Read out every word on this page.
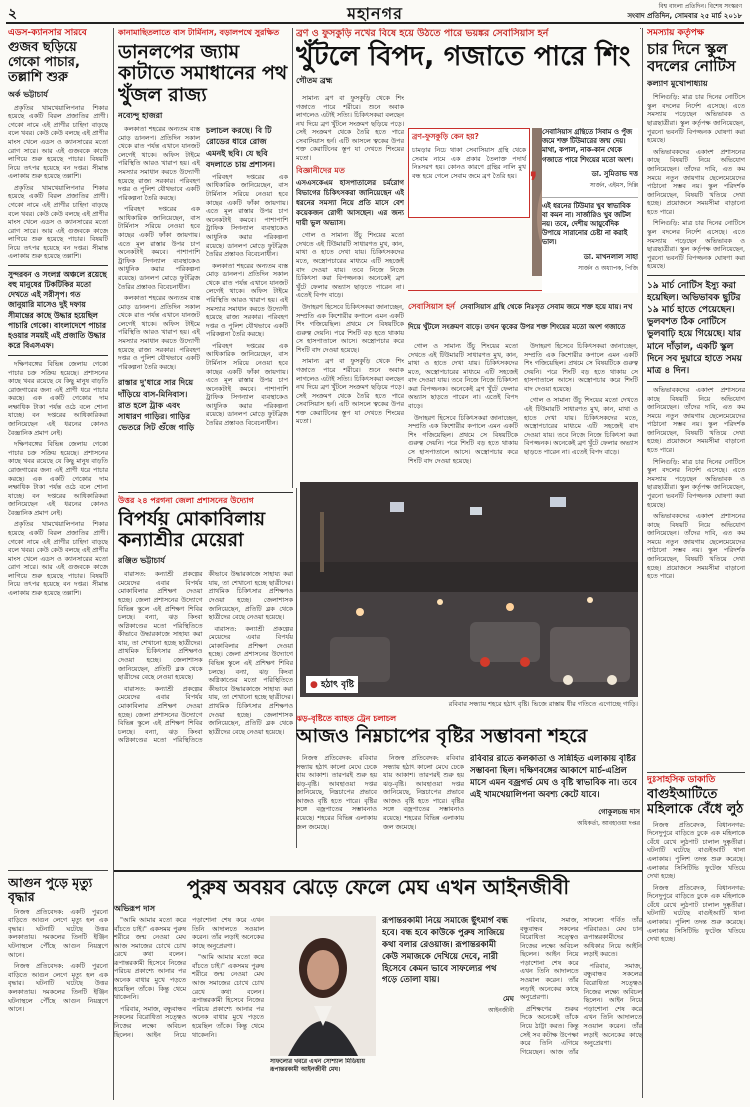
২	মহানগর	বিশ্ব বাংলা প্রতিদিন। বিশেষ সংস্করণ
সংবাদ প্রতিদিন, সোমবার ২৫ মার্চ ২০১৮
এডস-ক্যানসার সারবে
গুজব ছড়িয়ে গেকো পাচার, তল্লাশি শুরু
অর্ক ভট্টাচার্য

প্রকৃতির খামখেয়ালিপনার শিকার হয়েছে একটি বিরল প্রজাতির প্রাণী। গেকো নামে এই প্রাণীর চাহিদা বাড়ছে বলে খবর। কেউ কেউ বলছে এই প্রাণীর মাংস খেলে এডস ও ক্যানসারের মতো রোগ সারে। আর এই গুজবকে কাজে লাগিয়ে শুরু হয়েছে পাচার। বিষয়টি নিয়ে তৎপর হয়েছে বন দপ্তর। সীমান্ত এলাকায় শুরু হয়েছে তল্লাশি।

প্রকৃতির খামখেয়ালিপনার শিকার হয়েছে একটি বিরল প্রজাতির প্রাণী। গেকো নামে এই প্রাণীর চাহিদা বাড়ছে বলে খবর। কেউ কেউ বলছে এই প্রাণীর মাংস খেলে এডস ও ক্যানসারের মতো রোগ সারে। আর এই গুজবকে কাজে লাগিয়ে শুরু হয়েছে পাচার। বিষয়টি নিয়ে তৎপর হয়েছে বন দপ্তর। সীমান্ত এলাকায় শুরু হয়েছে তল্লাশি।

সুন্দরবন ও সংলগ্ন অঞ্চলে রয়েছে বহু মানুষের টিকটিকির মতো দেখতে এই সরীসৃপ। গত জানুয়ারি মাসেও দুই দফায় সীমান্তের কাছে উদ্ধার হয়েছিল পাচারি গেকো। বাংলাদেশে পাচার হওয়ার সময়ই এই প্রজাতি উদ্ধার করে বিএসএফ।

দক্ষিণবঙ্গের বিভিন্ন জেলায় গেকো পাচার চক্র সক্রিয় হয়েছে। প্রশাসনের কাছে খবর রয়েছে যে কিছু মানুষ বাড়তি রোজগারের জন্য এই প্রাণী ধরে পাচার করছে। এক একটি গেকোর দাম লক্ষাধিক টাকা পর্যন্ত ওঠে বলে শোনা যাচ্ছে। বন দপ্তরের আধিকারিকরা জানিয়েছেন এই ধরনের কোনও বৈজ্ঞানিক প্রমাণ নেই।

দক্ষিণবঙ্গের বিভিন্ন জেলায় গেকো পাচার চক্র সক্রিয় হয়েছে। প্রশাসনের কাছে খবর রয়েছে যে কিছু মানুষ বাড়তি রোজগারের জন্য এই প্রাণী ধরে পাচার করছে। এক একটি গেকোর দাম লক্ষাধিক টাকা পর্যন্ত ওঠে বলে শোনা যাচ্ছে। বন দপ্তরের আধিকারিকরা জানিয়েছেন এই ধরনের কোনও বৈজ্ঞানিক প্রমাণ নেই।

প্রকৃতির খামখেয়ালিপনার শিকার হয়েছে একটি বিরল প্রজাতির প্রাণী। গেকো নামে এই প্রাণীর চাহিদা বাড়ছে বলে খবর। কেউ কেউ বলছে এই প্রাণীর মাংস খেলে এডস ও ক্যানসারের মতো রোগ সারে। আর এই গুজবকে কাজে লাগিয়ে শুরু হয়েছে পাচার। বিষয়টি নিয়ে তৎপর হয়েছে বন দপ্তর। সীমান্ত এলাকায় শুরু হয়েছে তল্লাশি।

আগুন পুড়ে মৃত্যু বৃদ্ধার

নিজস্ব প্রতিবেদক: একটি পুরনো বাড়িতে আগুন লেগে মৃত্যু হল এক বৃদ্ধার। ঘটনাটি ঘটেছে উত্তর কলকাতায়। দমকলের তিনটি ইঞ্জিন ঘটনাস্থলে পৌঁছে আগুন নিয়ন্ত্রণে আনে।

নিজস্ব প্রতিবেদক: একটি পুরনো বাড়িতে আগুন লেগে মৃত্যু হল এক বৃদ্ধার। ঘটনাটি ঘটেছে উত্তর কলকাতায়। দমকলের তিনটি ইঞ্জিন ঘটনাস্থলে পৌঁছে আগুন নিয়ন্ত্রণে আনে।

কানামাছিতলাতে বাস টার্মিনাস, বড়ালপথে সুরক্ষিত
ডানলপের জ্যাম কাটাতে সমাধানের পথ খুঁজল রাজ্য
নব্যেন্দু হাজরা

কলকাতা শহরের অন্যতম ব্যস্ত মোড় ডানলপ। প্রতিদিন সকাল থেকে রাত পর্যন্ত এখানে যানজট লেগেই থাকে। অফিস টাইমে পরিস্থিতি আরও খারাপ হয়। এই সমস্যার সমাধান করতে উদ্যোগী হয়েছে রাজ্য সরকার। পরিবহণ দপ্তর ও পুলিশ যৌথভাবে একটি পরিকল্পনা তৈরি করছে।

পরিবহণ দপ্তরের এক আধিকারিক জানিয়েছেন, বাস টার্মিনাস সরিয়ে নেওয়া হবে কাছের একটি ফাঁকা জায়গায়। এতে মূল রাস্তার উপর চাপ অনেকটাই কমবে। পাশাপাশি ট্রাফিক সিগন্যাল ব্যবস্থাকেও আধুনিক করার পরিকল্পনা রয়েছে। ডানলপ মোড়ে ফুটব্রিজ তৈরির প্রস্তাবও বিবেচনাধীন।

কলকাতা শহরের অন্যতম ব্যস্ত মোড় ডানলপ। প্রতিদিন সকাল থেকে রাত পর্যন্ত এখানে যানজট লেগেই থাকে। অফিস টাইমে পরিস্থিতি আরও খারাপ হয়। এই সমস্যার সমাধান করতে উদ্যোগী হয়েছে রাজ্য সরকার। পরিবহণ দপ্তর ও পুলিশ যৌথভাবে একটি পরিকল্পনা তৈরি করছে।

রাস্তার দু'ধারে সার দিয়ে দাঁড়িয়ে বাস-মিনিবাস। রাত হলে ট্রাক এবং সাধারণ গাড়ির। গাড়ির ভেতরে সিট গুঁজে গাড়ি চলাচল করছে। বি টি রোডের ধারে রোজ এমনই ছবি। যে ছবি বদলাতে চায় প্রশাসন।

পরিবহণ দপ্তরের এক আধিকারিক জানিয়েছেন, বাস টার্মিনাস সরিয়ে নেওয়া হবে কাছের একটি ফাঁকা জায়গায়। এতে মূল রাস্তার উপর চাপ অনেকটাই কমবে। পাশাপাশি ট্রাফিক সিগন্যাল ব্যবস্থাকেও আধুনিক করার পরিকল্পনা রয়েছে। ডানলপ মোড়ে ফুটব্রিজ তৈরির প্রস্তাবও বিবেচনাধীন।

কলকাতা শহরের অন্যতম ব্যস্ত মোড় ডানলপ। প্রতিদিন সকাল থেকে রাত পর্যন্ত এখানে যানজট লেগেই থাকে। অফিস টাইমে পরিস্থিতি আরও খারাপ হয়। এই সমস্যার সমাধান করতে উদ্যোগী হয়েছে রাজ্য সরকার। পরিবহণ দপ্তর ও পুলিশ যৌথভাবে একটি পরিকল্পনা তৈরি করছে।

পরিবহণ দপ্তরের এক আধিকারিক জানিয়েছেন, বাস টার্মিনাস সরিয়ে নেওয়া হবে কাছের একটি ফাঁকা জায়গায়। এতে মূল রাস্তার উপর চাপ অনেকটাই কমবে। পাশাপাশি ট্রাফিক সিগন্যাল ব্যবস্থাকেও আধুনিক করার পরিকল্পনা রয়েছে। ডানলপ মোড়ে ফুটব্রিজ তৈরির প্রস্তাবও বিবেচনাধীন।

ব্রণ ও ফুসকুড়ি নখের বিষে হয়ে উঠতে পারে ভয়ঙ্কর সেবাসিয়াস হর্ন
খুঁটলে বিপদ, গজাতে পারে শিং
গৌতম ব্রহ্ম

সামান্য ব্রণ বা ফুসকুড়ি থেকে শিং গজাতে পারে শরীরে। শুনে অবাক লাগলেও এটাই সত্যি। চিকিৎসকরা বলছেন নখ দিয়ে ব্রণ খুঁটলে সংক্রমণ ছড়িয়ে পড়ে। সেই সংক্রমণ থেকে তৈরি হতে পারে সেবাসিয়াস হর্ন। এটি আসলে ত্বকের উপর শক্ত কেরাটিনের স্তূপ যা দেখতে শিংয়ের মতো।

বিজ্ঞানীদের মত
এসএসকেএম হাসপাতালের চর্মরোগ বিভাগের চিকিৎসকরা জানিয়েছেন এই ধরনের সমস্যা নিয়ে প্রতি মাসে বেশ কয়েকজন রোগী আসছেন। এর জন্য দায়ী ভুল অভ্যাস।

গোল ও সামান্য উঁচু শিংয়ের মতো দেখতে এই টিউমারটি সাধারণত মুখ, কান, মাথা ও হাতে দেখা যায়। চিকিৎসকদের মতে, অস্ত্রোপচারের মাধ্যমে এটি সহজেই বাদ দেওয়া যায়। তবে নিজে নিজে চিকিৎসা করা বিপজ্জনক। অনেকেই ব্রণ খুঁটে ফেলার অভ্যাস ছাড়তে পারেন না। এতেই বিপদ বাড়ে।

উদাহরণ হিসেবে চিকিৎসকরা জানাচ্ছেন, সম্প্রতি এক কিশোরীর কপালে এমন একটি শিং গজিয়েছিল। প্রথমে সে বিষয়টিকে গুরুত্ব দেয়নি। পরে শিংটি বড় হতে থাকায় সে হাসপাতালে আসে। অস্ত্রোপচার করে শিংটি বাদ দেওয়া হয়েছে।

সামান্য ব্রণ বা ফুসকুড়ি থেকে শিং গজাতে পারে শরীরে। শুনে অবাক লাগলেও এটাই সত্যি। চিকিৎসকরা বলছেন নখ দিয়ে ব্রণ খুঁটলে সংক্রমণ ছড়িয়ে পড়ে। সেই সংক্রমণ থেকে তৈরি হতে পারে সেবাসিয়াস হর্ন। এটি আসলে ত্বকের উপর শক্ত কেরাটিনের স্তূপ যা দেখতে শিংয়ের মতো।

ব্রণ-ফুসকুড়ি কেন হয়?
চামড়ার নিচে থাকা সেবাসিয়াস গ্রন্থি থেকে সেবাম নামে এক প্রকার তৈলাক্ত পদার্থ নিঃসরণ হয়। কোনও কারণে গ্রন্থির নালি মুখ বন্ধ হয়ে গেলে সেবাম জমে ব্রণ তৈরি হয়।
সেবাসিয়াস হর্ন সেবাসিয়াস গ্রন্থি থেকে নিঃসৃত সেবাম জমে শক্ত হয়ে যায়। নখ দিয়ে খুঁটলে সংক্রমণ বাড়ে। তখন ত্বকের উপর শক্ত শিংয়ের মতো অংশ গজাতে

গোল ও সামান্য উঁচু শিংয়ের মতো দেখতে এই টিউমারটি সাধারণত মুখ, কান, মাথা ও হাতে দেখা যায়। চিকিৎসকদের মতে, অস্ত্রোপচারের মাধ্যমে এটি সহজেই বাদ দেওয়া যায়। তবে নিজে নিজে চিকিৎসা করা বিপজ্জনক। অনেকেই ব্রণ খুঁটে ফেলার অভ্যাস ছাড়তে পারেন না। এতেই বিপদ বাড়ে।

উদাহরণ হিসেবে চিকিৎসকরা জানাচ্ছেন, সম্প্রতি এক কিশোরীর কপালে এমন একটি শিং গজিয়েছিল। প্রথমে সে বিষয়টিকে গুরুত্ব দেয়নি। পরে শিংটি বড় হতে থাকায় সে হাসপাতালে আসে। অস্ত্রোপচার করে শিংটি বাদ দেওয়া হয়েছে।

উদাহরণ হিসেবে চিকিৎসকরা জানাচ্ছেন, সম্প্রতি এক কিশোরীর কপালে এমন একটি শিং গজিয়েছিল। প্রথমে সে বিষয়টিকে গুরুত্ব দেয়নি। পরে শিংটি বড় হতে থাকায় সে হাসপাতালে আসে। অস্ত্রোপচার করে শিংটি বাদ দেওয়া হয়েছে।

গোল ও সামান্য উঁচু শিংয়ের মতো দেখতে এই টিউমারটি সাধারণত মুখ, কান, মাথা ও হাতে দেখা যায়। চিকিৎসকদের মতে, অস্ত্রোপচারের মাধ্যমে এটি সহজেই বাদ দেওয়া যায়। তবে নিজে নিজে চিকিৎসা করা বিপজ্জনক। অনেকেই ব্রণ খুঁটে ফেলার অভ্যাস ছাড়তে পারেন না। এতেই বিপদ বাড়ে।

সেবাসিয়াস গ্রন্থিতে সিবাম ও পুঁজ জমে শক্ত টিউমারের জন্ম দেয়। মাথা, কপাল, নাক-কান থেকে গজাতে পারে শিংয়ের মতো অংশ।
ডা. সুমিতাভ দত্ত
সার্জন, এইমস, দিল্লি
এই ধরনের টিউমার খুব স্বাভাবিক বা কমন না। সার্জারিও খুব জটিল নয়। তবে, দেশীয় আয়ুর্বেদিক উপায়ে সারানোর চেষ্টা না করাই ভাল।
ডা. মাখনলাল সাহা
সার্জন ও অধ্যাপক, পিজি
❜
সমস্যায় কর্তৃপক্ষ
চার দিনে স্কুল বদলের নোটিস
কল্যাণ মুখোপাধ্যায়

শিলিগুড়ি: মাত্র চার দিনের নোটিসে স্কুল বদলের নির্দেশ এসেছে। এতে সমস্যায় পড়েছেন অভিভাবক ও ছাত্রছাত্রীরা। স্কুল কর্তৃপক্ষ জানিয়েছেন, পুরনো ভবনটি বিপজ্জনক ঘোষণা করা হয়েছে।

অভিভাবকদের একাংশ প্রশাসনের কাছে বিষয়টি নিয়ে অভিযোগ জানিয়েছেন। তাঁদের দাবি, এত কম সময়ে নতুন জায়গায় ছেলেমেয়েদের পাঠানো সম্ভব নয়। স্কুল পরিদর্শক জানিয়েছেন, বিষয়টি খতিয়ে দেখা হচ্ছে। প্রয়োজনে সময়সীমা বাড়ানো হতে পারে।

শিলিগুড়ি: মাত্র চার দিনের নোটিসে স্কুল বদলের নির্দেশ এসেছে। এতে সমস্যায় পড়েছেন অভিভাবক ও ছাত্রছাত্রীরা। স্কুল কর্তৃপক্ষ জানিয়েছেন, পুরনো ভবনটি বিপজ্জনক ঘোষণা করা হয়েছে।

১৯ মার্চ নোটিস ইস্যু করা হয়েছিল। অভিভাবক ছুটির ১৯ মার্চ হাতে পেয়েছেন। ভুলবশত ঠিক নোটিসে ভুলবাঢ়ি হয়ে গিয়েছে। যার মানে দাঁড়াল, একটি স্কুল দিনে সব দুয়ারে হাতে সময় মাত্র ৪ দিন।

অভিভাবকদের একাংশ প্রশাসনের কাছে বিষয়টি নিয়ে অভিযোগ জানিয়েছেন। তাঁদের দাবি, এত কম সময়ে নতুন জায়গায় ছেলেমেয়েদের পাঠানো সম্ভব নয়। স্কুল পরিদর্শক জানিয়েছেন, বিষয়টি খতিয়ে দেখা হচ্ছে। প্রয়োজনে সময়সীমা বাড়ানো হতে পারে।

শিলিগুড়ি: মাত্র চার দিনের নোটিসে স্কুল বদলের নির্দেশ এসেছে। এতে সমস্যায় পড়েছেন অভিভাবক ও ছাত্রছাত্রীরা। স্কুল কর্তৃপক্ষ জানিয়েছেন, পুরনো ভবনটি বিপজ্জনক ঘোষণা করা হয়েছে।

অভিভাবকদের একাংশ প্রশাসনের কাছে বিষয়টি নিয়ে অভিযোগ জানিয়েছেন। তাঁদের দাবি, এত কম সময়ে নতুন জায়গায় ছেলেমেয়েদের পাঠানো সম্ভব নয়। স্কুল পরিদর্শক জানিয়েছেন, বিষয়টি খতিয়ে দেখা হচ্ছে। প্রয়োজনে সময়সীমা বাড়ানো হতে পারে।

দুঃসাহসিক ডাকাতি
বাগুইআটিতে মহিলাকে বেঁধে লুঠ

নিজস্ব প্রতিবেদক, বিধাননগর: দিনেদুপুরে বাড়িতে ঢুকে এক মহিলাকে বেঁধে রেখে লুঠপাট চালাল দুষ্কৃতীরা। ঘটনাটি ঘটেছে বাগুইআটি থানা এলাকায়। পুলিশ তদন্ত শুরু করেছে। এলাকার সিসিটিভি ফুটেজ খতিয়ে দেখা হচ্ছে।

নিজস্ব প্রতিবেদক, বিধাননগর: দিনেদুপুরে বাড়িতে ঢুকে এক মহিলাকে বেঁধে রেখে লুঠপাট চালাল দুষ্কৃতীরা। ঘটনাটি ঘটেছে বাগুইআটি থানা এলাকায়। পুলিশ তদন্ত শুরু করেছে। এলাকার সিসিটিভি ফুটেজ খতিয়ে দেখা হচ্ছে।

উত্তর ২৪ পরগনা জেলা প্রশাসনের উদ্যোগ
বিপর্যয় মোকাবিলায় কন্যাশ্রীর মেয়েরা
রঞ্জিত ভট্টাচার্য

বারাসত: কন্যাশ্রী প্রকল্পের মেয়েদের এবার বিপর্যয় মোকাবিলার প্রশিক্ষণ দেওয়া হচ্ছে। জেলা প্রশাসনের উদ্যোগে বিভিন্ন স্কুলে এই প্রশিক্ষণ শিবির চলছে। বন্যা, ঝড় কিংবা অগ্নিকাণ্ডের মতো পরিস্থিতিতে কীভাবে উদ্ধারকাজে সাহায্য করা যায়, তা শেখানো হচ্ছে ছাত্রীদের। প্রাথমিক চিকিৎসার প্রশিক্ষণও দেওয়া হচ্ছে। জেলাশাসক জানিয়েছেন, প্রতিটি ব্লক থেকে ছাত্রীদের বেছে নেওয়া হয়েছে।

বারাসত: কন্যাশ্রী প্রকল্পের মেয়েদের এবার বিপর্যয় মোকাবিলার প্রশিক্ষণ দেওয়া হচ্ছে। জেলা প্রশাসনের উদ্যোগে বিভিন্ন স্কুলে এই প্রশিক্ষণ শিবির চলছে। বন্যা, ঝড় কিংবা অগ্নিকাণ্ডের মতো পরিস্থিতিতে কীভাবে উদ্ধারকাজে সাহায্য করা যায়, তা শেখানো হচ্ছে ছাত্রীদের। প্রাথমিক চিকিৎসার প্রশিক্ষণও দেওয়া হচ্ছে। জেলাশাসক জানিয়েছেন, প্রতিটি ব্লক থেকে ছাত্রীদের বেছে নেওয়া হয়েছে।

বারাসত: কন্যাশ্রী প্রকল্পের মেয়েদের এবার বিপর্যয় মোকাবিলার প্রশিক্ষণ দেওয়া হচ্ছে। জেলা প্রশাসনের উদ্যোগে বিভিন্ন স্কুলে এই প্রশিক্ষণ শিবির চলছে। বন্যা, ঝড় কিংবা অগ্নিকাণ্ডের মতো পরিস্থিতিতে কীভাবে উদ্ধারকাজে সাহায্য করা যায়, তা শেখানো হচ্ছে ছাত্রীদের। প্রাথমিক চিকিৎসার প্রশিক্ষণও দেওয়া হচ্ছে। জেলাশাসক জানিয়েছেন, প্রতিটি ব্লক থেকে ছাত্রীদের বেছে নেওয়া হয়েছে।

● হঠাৎ বৃষ্টি
রবিবার সন্ধ্যায় শহরে হঠাৎ বৃষ্টি। ভিজে রাস্তায় ধীর গতিতে এগোচ্ছে গাড়ি।
ঝড়-বৃষ্টিতে ব্যাহত ট্রেন চলাচল
আজও নিম্নচাপের বৃষ্টির সম্ভাবনা শহরে

নিজস্ব প্রতিবেদক: রবিবার সন্ধ্যায় হঠাৎ কালো মেঘে ঢেকে যায় আকাশ। তারপরই শুরু হয় ঝড়-বৃষ্টি। আবহাওয়া দপ্তর জানিয়েছে, নিম্নচাপের প্রভাবে আজও বৃষ্টি হতে পারে। বৃষ্টির সঙ্গে বজ্রপাতের সম্ভাবনাও রয়েছে। শহরের বিভিন্ন এলাকায় জল জমেছে।

নিজস্ব প্রতিবেদক: রবিবার সন্ধ্যায় হঠাৎ কালো মেঘে ঢেকে যায় আকাশ। তারপরই শুরু হয় ঝড়-বৃষ্টি। আবহাওয়া দপ্তর জানিয়েছে, নিম্নচাপের প্রভাবে আজও বৃষ্টি হতে পারে। বৃষ্টির সঙ্গে বজ্রপাতের সম্ভাবনাও রয়েছে। শহরের বিভিন্ন এলাকায় জল জমেছে।

রবিবার রাতে কলকাতা ও সন্নিহিত এলাকায় বৃষ্টির সম্ভাবনা ছিল। দক্ষিণবঙ্গের আকাশে মার্চ-এপ্রিল মাসে এমন বজ্রগর্ভ মেঘ ও বৃষ্টি স্বাভাবিক না। তবে এই খামখেয়ালিপনা অবশ্য কেটে যাবে।
গোকুলচন্দ্র দাস
অধিকর্তা, আবহাওয়া দপ্তর
পুরুষ অবয়ব ঝেড়ে ফেলে মেঘ এখন আইনজীবী
অভিরূপ দাস

"আমি আমার মতো করে বাঁচতে চাই।" একসময় পুরুষ শরীরে জন্ম নেওয়া মেঘ আজ সমাজের চোখে চোখ রেখে কথা বলেন। রূপান্তরকামী হিসেবে নিজের পরিচয় প্রকাশ্যে আনার পর অনেক বাধার মুখে পড়তে হয়েছিল তাঁকে। কিন্তু থেমে থাকেননি।

পরিবার, সমাজ, বন্ধুবান্ধব সকলের বিরোধিতা সত্ত্বেও নিজের লক্ষ্যে অবিচল ছিলেন। আইন নিয়ে পড়াশোনা শেষ করে এখন তিনি আদালতে সওয়াল করেন। তাঁর লড়াই অনেকের কাছে অনুপ্রেরণা।

"আমি আমার মতো করে বাঁচতে চাই।" একসময় পুরুষ শরীরে জন্ম নেওয়া মেঘ আজ সমাজের চোখে চোখ রেখে কথা বলেন। রূপান্তরকামী হিসেবে নিজের পরিচয় প্রকাশ্যে আনার পর অনেক বাধার মুখে পড়তে হয়েছিল তাঁকে। কিন্তু থেমে থাকেননি।

সাফল্যের খবরে এখন সোশ্যাল মিডিয়ায় রূপান্তরকামী আইনজীবী মেঘ।
রূপান্তরকামী নিয়ে সমাজে ছুঁৎমার্গ বন্ধ হবে। বন্ধ হবে কাউকে পুরুষ সাজিয়ে কথা বলার রেওয়াজ। রূপান্তরকামী কেউ সমাজকে দেখিয়ে দেবে, নারী হিসেবে কেমন ভাবে সাফল্যের পথ গড়ে তোলা যায়।
মেঘ
আইনজীবী

পরিবার, সমাজ, বন্ধুবান্ধব সকলের বিরোধিতা সত্ত্বেও নিজের লক্ষ্যে অবিচল ছিলেন। আইন নিয়ে পড়াশোনা শেষ করে এখন তিনি আদালতে সওয়াল করেন। তাঁর লড়াই অনেকের কাছে অনুপ্রেরণা।

প্রশিক্ষণের শুরুর দিকে অনেকেই তাঁকে নিয়ে ঠাট্টা করত। কিন্তু সেই সব কটাক্ষ উপেক্ষা করে তিনি এগিয়ে গিয়েছেন। আজ তাঁর সাফল্যে গর্বিত তাঁর পরিবারও। মেঘ চান রূপান্তরকামীদের অধিকার নিয়ে আইনি লড়াই করতে।

পরিবার, সমাজ, বন্ধুবান্ধব সকলের বিরোধিতা সত্ত্বেও নিজের লক্ষ্যে অবিচল ছিলেন। আইন নিয়ে পড়াশোনা শেষ করে এখন তিনি আদালতে সওয়াল করেন। তাঁর লড়াই অনেকের কাছে অনুপ্রেরণা।
